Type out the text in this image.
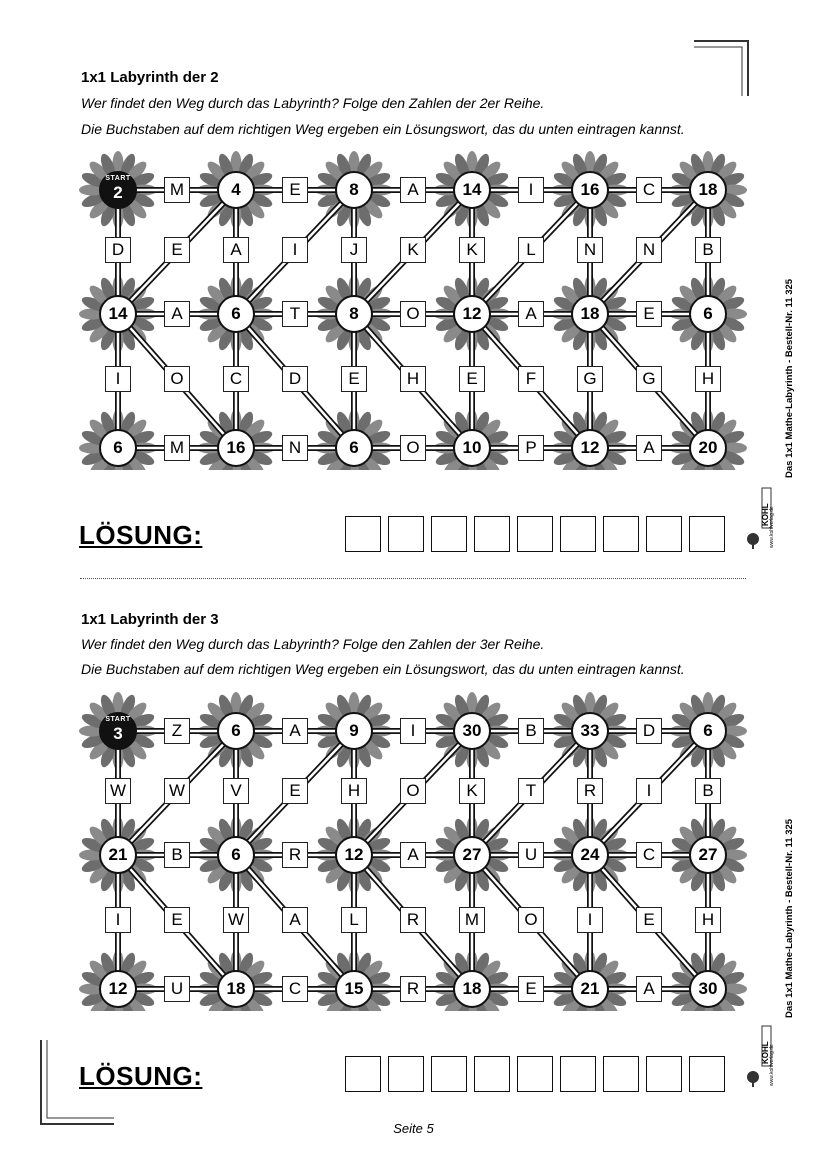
1x1 Labyrinth der 2
Wer findet den Weg durch das Labyrinth? Folge den Zahlen der 2er Reihe.
Die Buchstaben auf dem richtigen Weg ergeben ein Lösungswort, das du unten eintragen kannst.
START
2	4	8	14	16	18
M	E	A	I	C
14	6	8	12	18	6
A	T	O	A	E
6	16	6	10	12	20
M	N	O	P	A
D	E	A	I	J	K	K	L	N	N	B
I	O	C	D	E	H	E	F	G	G	H
LÖSUNG:
1x1 Labyrinth der 3
Wer findet den Weg durch das Labyrinth? Folge den Zahlen der 3er Reihe.
Die Buchstaben auf dem richtigen Weg ergeben ein Lösungswort, das du unten eintragen kannst.
START
3	6	9	30	33	6
Z	A	I	B	D
21	6	12	27	24	27
B	R	A	U	C
12	18	15	18	21	30
U	C	R	E	A
W	W	V	E	H	O	K	T	R	I	B
I	E	W	A	L	R	M	O	I	E	H
LÖSUNG:
Das 1x1 Mathe-Labyrinth - Bestell-Nr. 11 325
Das 1x1 Mathe-Labyrinth - Bestell-Nr. 11 325
KOHL www.kohlverlag.de
KOHL www.kohlverlag.de
Seite 5
